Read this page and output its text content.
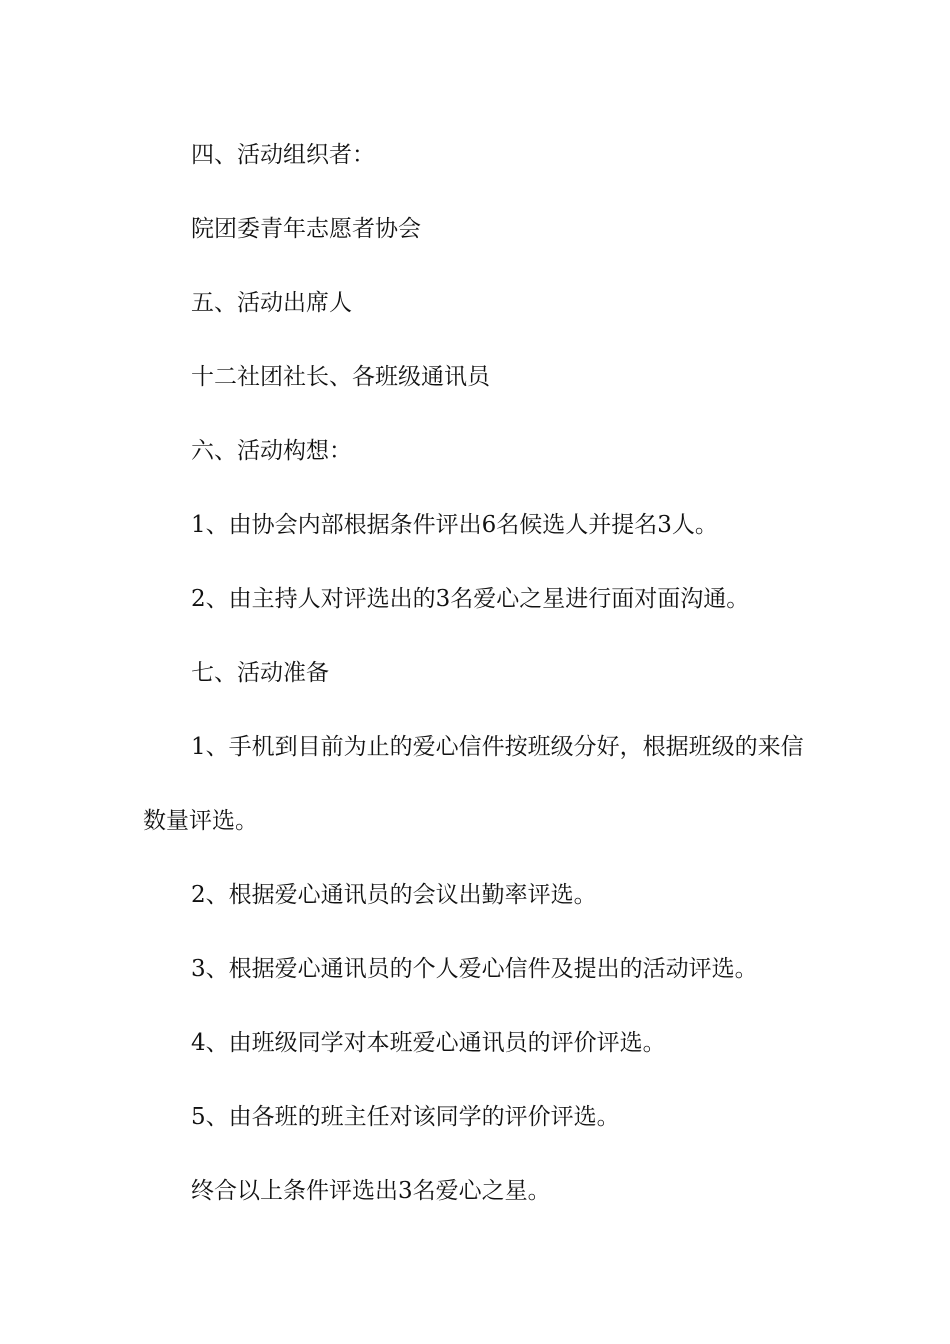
四、活动组织者：

院团委青年志愿者协会

五、活动出席人

十二社团社长、各班级通讯员

六、活动构想：

1、由协会内部根据条件评出6名候选人并提名3人。

2、由主持人对评选出的3名爱心之星进行面对面沟通。

七、活动准备

1、手机到目前为止的爱心信件按班级分好，根据班级的来信数量评选。

2、根据爱心通讯员的会议出勤率评选。

3、根据爱心通讯员的个人爱心信件及提出的活动评选。

4、由班级同学对本班爱心通讯员的评价评选。

5、由各班的班主任对该同学的评价评选。

终合以上条件评选出3名爱心之星。
